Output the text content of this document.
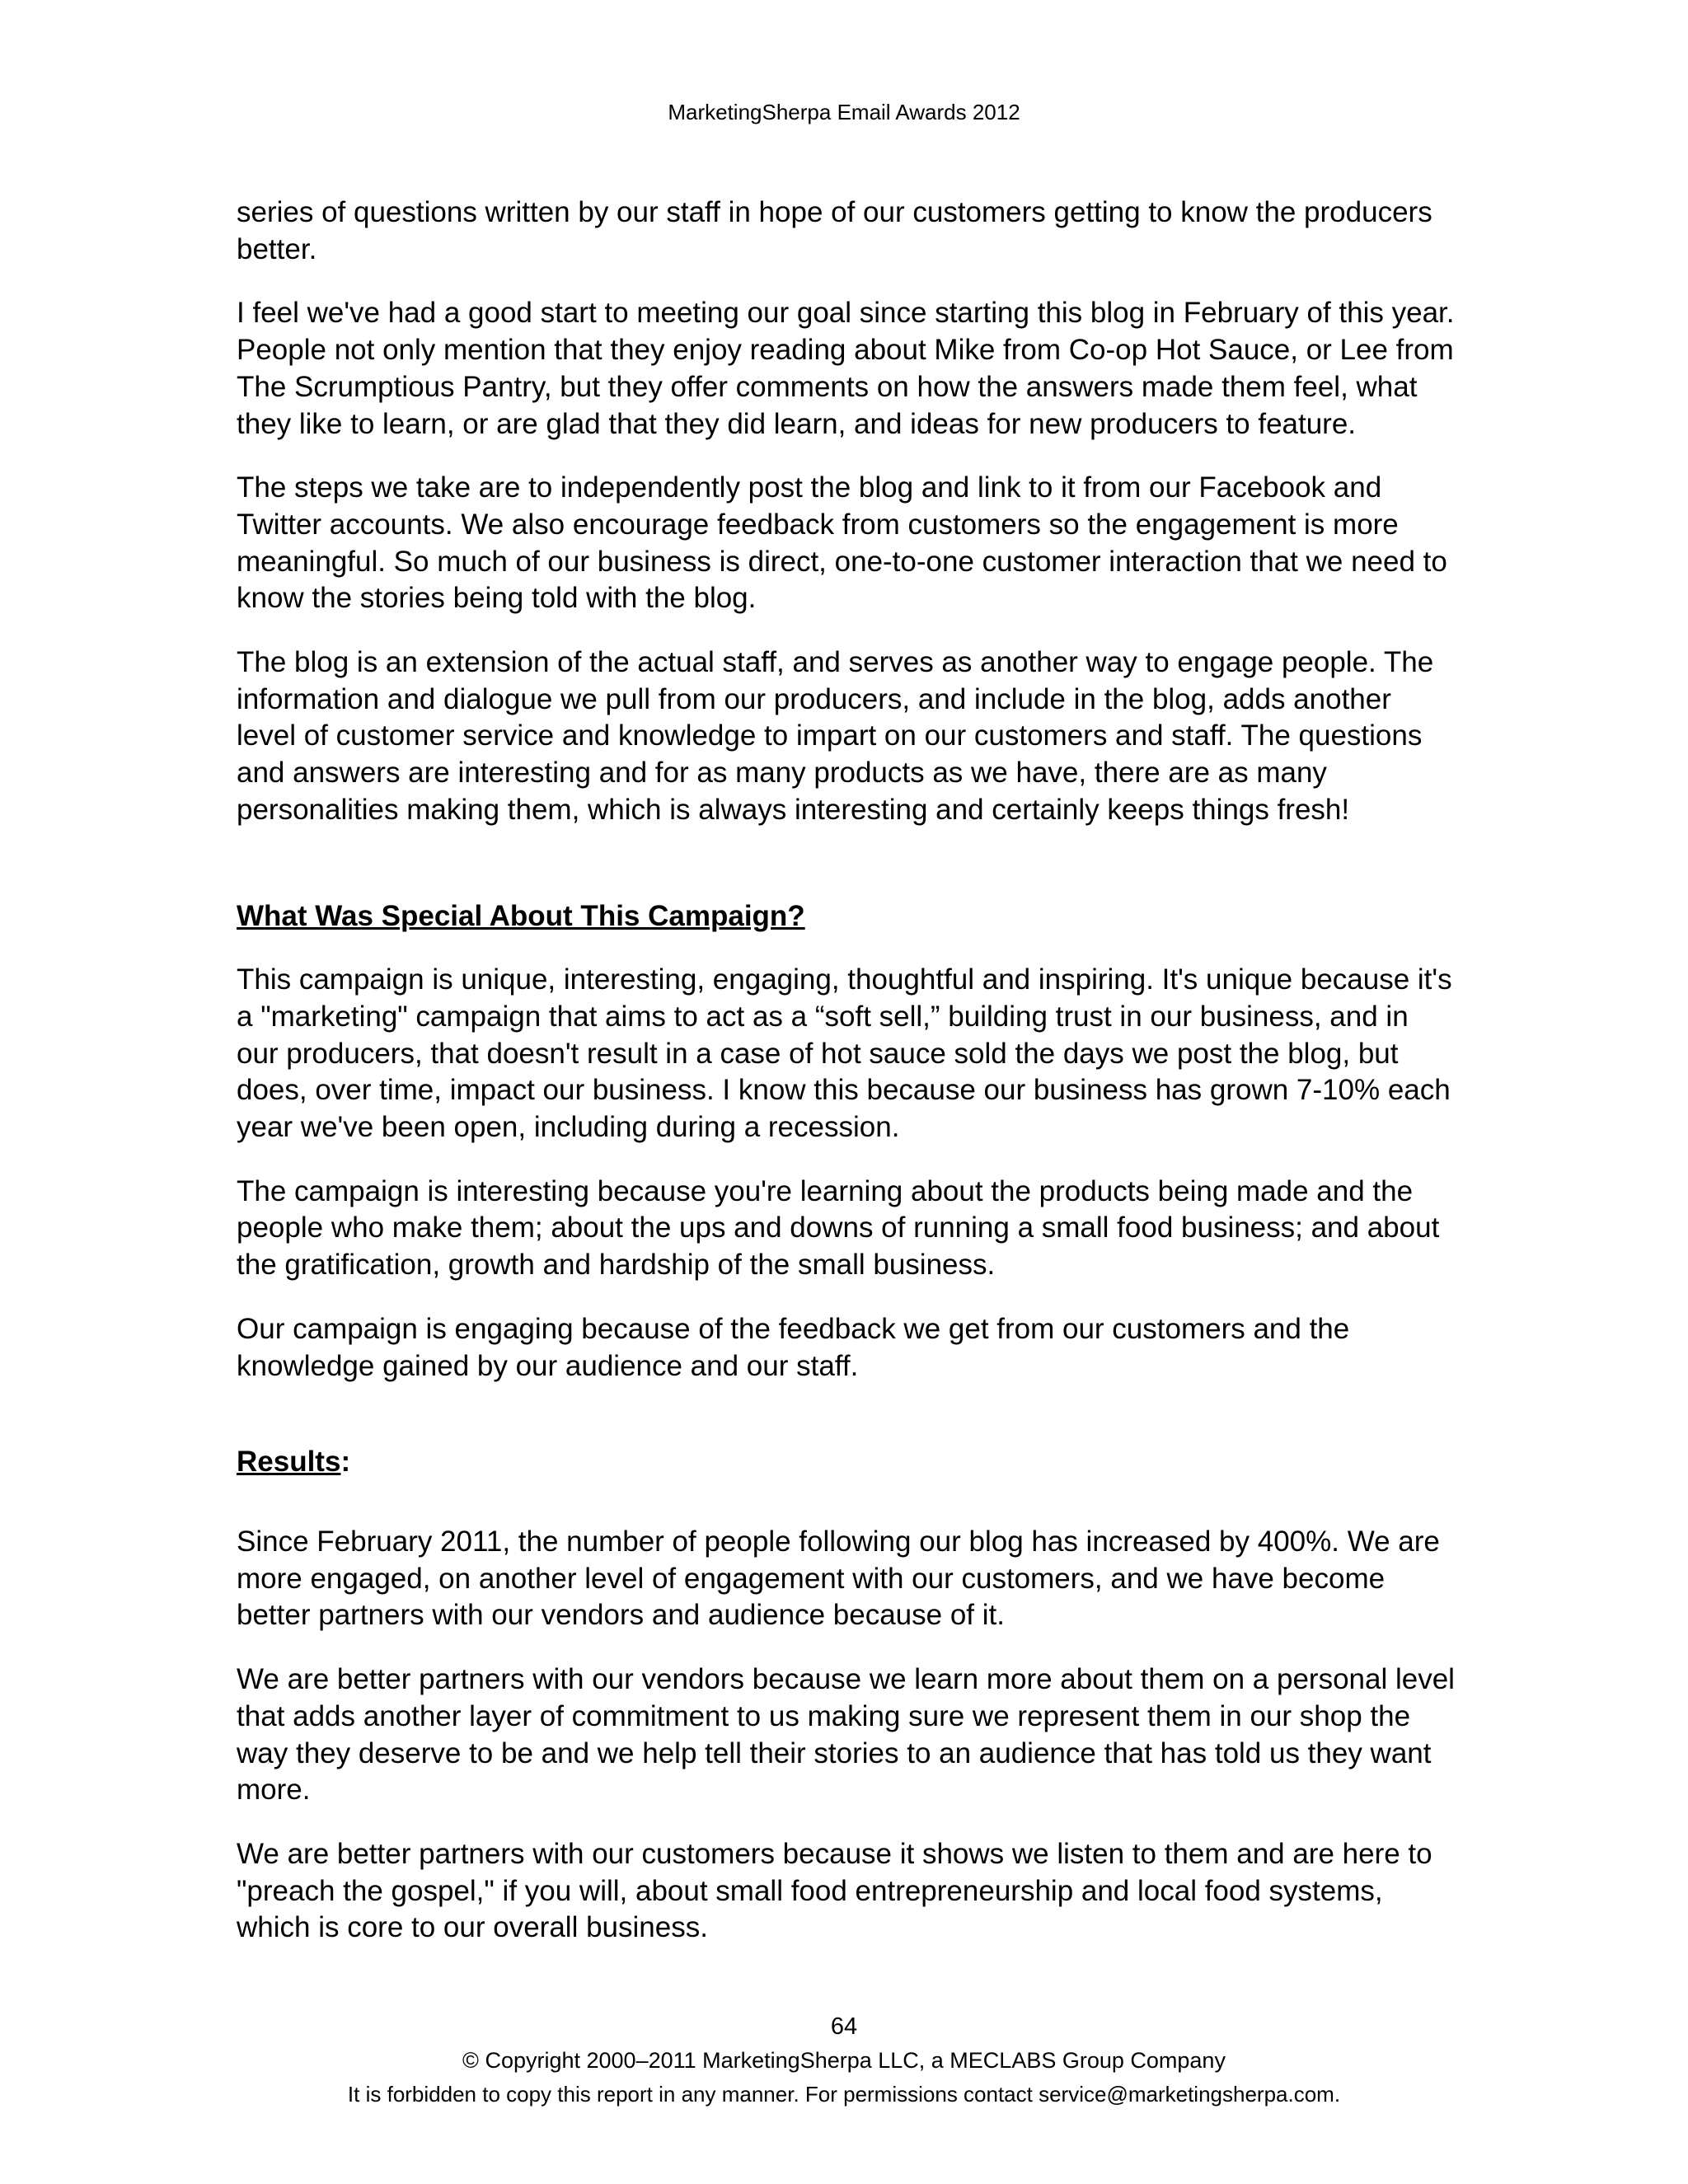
MarketingSherpa Email Awards 2012

series of questions written by our staff in hope of our customers getting to know the producers better.

I feel we've had a good start to meeting our goal since starting this blog in February of this year. People not only mention that they enjoy reading about Mike from Co-op Hot Sauce, or Lee from The Scrumptious Pantry, but they offer comments on how the answers made them feel, what they like to learn, or are glad that they did learn, and ideas for new producers to feature.

The steps we take are to independently post the blog and link to it from our Facebook and Twitter accounts. We also encourage feedback from customers so the engagement is more meaningful. So much of our business is direct, one-to-one customer interaction that we need to know the stories being told with the blog.

The blog is an extension of the actual staff, and serves as another way to engage people. The information and dialogue we pull from our producers, and include in the blog, adds another level of customer service and knowledge to impart on our customers and staff. The questions and answers are interesting and for as many products as we have, there are as many personalities making them, which is always interesting and certainly keeps things fresh!

What Was Special About This Campaign?

This campaign is unique, interesting, engaging, thoughtful and inspiring. It's unique because it's a "marketing" campaign that aims to act as a “soft sell,” building trust in our business, and in our producers, that doesn't result in a case of hot sauce sold the days we post the blog, but does, over time, impact our business. I know this because our business has grown 7-10% each year we've been open, including during a recession.

The campaign is interesting because you're learning about the products being made and the people who make them; about the ups and downs of running a small food business; and about the gratification, growth and hardship of the small business.

Our campaign is engaging because of the feedback we get from our customers and the knowledge gained by our audience and our staff.

Results:

Since February 2011, the number of people following our blog has increased by 400%. We are more engaged, on another level of engagement with our customers, and we have become better partners with our vendors and audience because of it.

We are better partners with our vendors because we learn more about them on a personal level that adds another layer of commitment to us making sure we represent them in our shop the way they deserve to be and we help tell their stories to an audience that has told us they want more.

We are better partners with our customers because it shows we listen to them and are here to "preach the gospel," if you will, about small food entrepreneurship and local food systems, which is core to our overall business.

64
© Copyright 2000–2011 MarketingSherpa LLC, a MECLABS Group Company
It is forbidden to copy this report in any manner. For permissions contact service@marketingsherpa.com.
